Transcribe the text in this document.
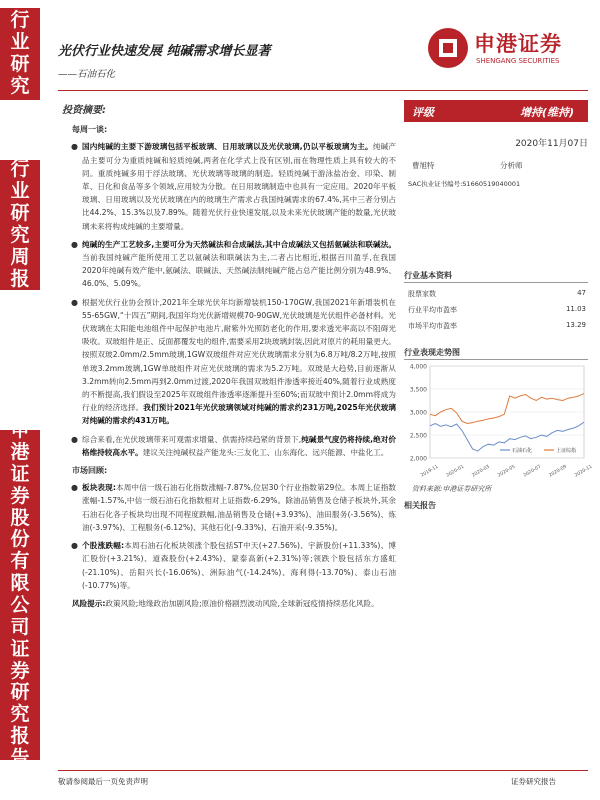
行
业
研
究
行
业
研
究
周
报
申
港
证
券
股
份
有
限
公
司
证
券
研
究
报
告
光伏行业快速发展 纯碱需求增长显著
——石油石化
申港证券
SHENGANG SECURITIES
投资摘要:
每周一谈:
● 国内纯碱的主要下游玻璃包括平板玻璃、日用玻璃以及光伏玻璃,仍以平板玻璃为主。纯碱产品主要可分为重质纯碱和轻质纯碱,两者在化学式上没有区别,而在物理性质上具有较大的不同。重质纯碱多用于浮法玻璃、光伏玻璃等玻璃的制造。轻质纯碱于游泳盐冶金、印染、制革、日化和食品等多个领域,应用较为分散。在日用玻璃制造中也具有一定应用。2020年平板玻璃、日用玻璃以及光伏玻璃在内的玻璃生产需求占我国纯碱需求的67.4%,其中三者分别占比44.2%、15.3%以及7.89%。随着光伏行业快速发展,以及未来光伏玻璃产能的数量,光伏玻璃未来将构成纯碱的主要增量。
● 纯碱的生产工艺较多,主要可分为天然碱法和合成碱法,其中合成碱法又包括氨碱法和联碱法。当前我国纯碱产能所使用工艺以氨碱法和联碱法为主,二者占比相近,根据百川盈孚,在我国2020年纯碱有效产能中,氨碱法、联碱法、天然碱法制纯碱产能占总产能比例分别为48.9%、46.0%、5.09%。
● 根据光伏行业协会预计,2021年全球光伏年均新增装机150-170GW,我国2021年新增装机在55-65GW,“十四五”期间,我国年均光伏新增规模70-90GW,光伏玻璃是光伏组件必备材料。光伏玻璃在太阳能电池组件中起保护电池片,耐紫外光照防老化的作用,要求透光率高以不阻碍光吸收。双玻组件是正、反面都覆发电的组件,需要采用2块玻璃封装,因此对原片的耗用量更大。按照双玻2.0mm/2.5mm玻璃,1GW双玻组件对应光伏玻璃需求分别为6.8万吨/8.2万吨,按照单玻3.2mm玻璃,1GW单玻组件对应光伏玻璃的需求为5.2万吨。双玻是大趋势,目前逐渐从3.2mm转向2.5mm再到2.0mm过渡,2020年我国双玻组件渗透率接近40%,随着行业成熟度的不断提高,我们假设至2025年双玻组件渗透率逐渐提升至60%;而双玻中预计2.0mm将成为行业的经济选择。我们预计2021年光伏玻璃领域对纯碱的需求约231万吨,2025年光伏玻璃对纯碱的需求约431万吨。
● 综合来看,在光伏玻璃带来可观需求增量、供需持续趋紧的背景下,纯碱景气度仍将持续,绝对价格维持较高水平。建议关注纯碱权益产能龙头:三友化工、山东海化、远兴能源、中盐化工。
市场回顾:
● 板块表现:本周中信一级石油石化指数涨幅-7.87%,位居30个行业指数第29位。本周上证指数涨幅-1.57%,中信一级石油石化指数相对上证指数-6.29%。除油品销售及仓储子板块外,其余石油石化各子板块均出现不同程度跌幅,油品销售及仓储(+3.93%)、油田服务(-3.56%)、炼油(-3.97%)、工程服务(-6.12%)、其他石化(-9.33%)、石油开采(-9.35%)。
● 个股涨跌幅:本周石油石化板块领涨个股包括ST中天(+27.56%)、宇新股份(+11.33%)、博汇股份(+3.21%)、道森股份(+2.43%)、蒙泰高新(+2.31%)等;领跌个股包括东方盛虹(-21.10%)、岳阳兴长(-16.06%)、洲际油气(-14.24%)、海利得(-13.70%)、泰山石油(-10.77%)等。
风险提示:政策风险;地缘政治加剧风险;原油价格剧烈波动风险,全球新冠疫情持续恶化风险。
评级	增持(维持)
2020年11月07日
曹旭特	分析师
SAC执业证书编号:S1660519040001
行业基本资料
股票家数	47
行业平均市盈率	11.03
市场平均市盈率	13.29
行业表现走势图
2,000
2,500
3,000
3,500
4,000
2019-11 2020-01 2020-03 2020-05 2020-07 2020-09 2020-11
石油石化	上证综指
资料来源:申港证券研究所
相关报告
敬请参阅最后一页免责声明	证券研究报告
